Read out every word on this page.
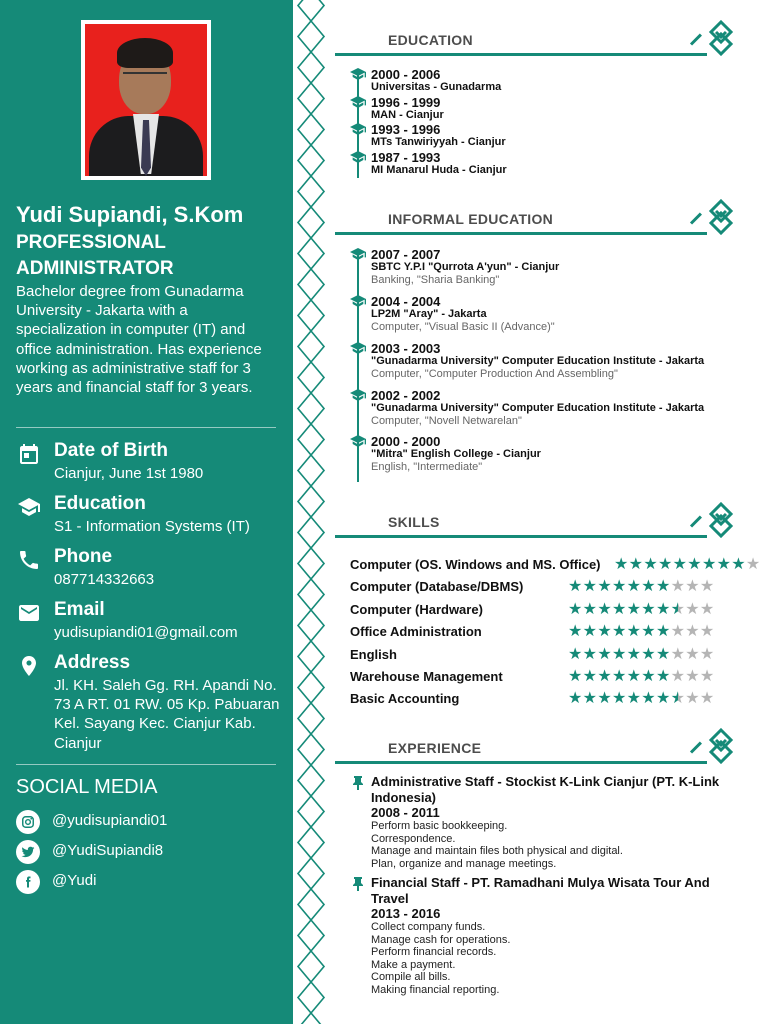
Yudi Supiandi, S.Kom
PROFESSIONAL
ADMINISTRATOR
Bachelor degree from Gunadarma University - Jakarta with a specialization in computer (IT) and office administration. Has experience working as administrative staff for 3 years and financial staff for 3 years.
Date of Birth
Cianjur, June 1st 1980
Education
S1 - Information Systems (IT)
Phone
087714332663
Email
yudisupiandi01@gmail.com
Address
Jl. KH. Saleh Gg. RH. Apandi No. 73 A RT. 01 RW. 05 Kp. Pabuaran Kel. Sayang Kec. Cianjur Kab. Cianjur
SOCIAL MEDIA
@yudisupiandi01
@YudiSupiandi8
@Yudi
EDUCATION
2000 - 2006
Universitas - Gunadarma
1996 - 1999
MAN - Cianjur
1993 - 1996
MTs Tanwiriyyah - Cianjur
1987 - 1993
MI Manarul Huda - Cianjur
INFORMAL EDUCATION
2007 - 2007
SBTC Y.P.I "Qurrota A'yun" - Cianjur
Banking, "Sharia Banking"
2004 - 2004
LP2M "Aray" - Jakarta
Computer, "Visual Basic II (Advance)"
2003 - 2003
"Gunadarma University" Computer Education Institute - Jakarta
Computer, "Computer Production And Assembling"
2002 - 2002
"Gunadarma University" Computer Education Institute - Jakarta
Computer, "Novell Netwarelan"
2000 - 2000
"Mitra" English College - Cianjur
English, "Intermediate"
SKILLS
Computer (OS. Windows and MS. Office) ★★★★★★★★★★
Computer (Database/DBMS)	★★★★★★★★★★
Computer (Hardware)	★★★★★★★★★★
Office Administration	★★★★★★★★★★
English	★★★★★★★★★★
Warehouse Management	★★★★★★★★★★
Basic Accounting	★★★★★★★★★★
EXPERIENCE
Administrative Staff - Stockist K-Link Cianjur (PT. K-Link Indonesia)
2008 - 2011
Perform basic bookkeeping.
Correspondence.
Manage and maintain files both physical and digital.
Plan, organize and manage meetings.
Financial Staff - PT. Ramadhani Mulya Wisata Tour And Travel
2013 - 2016
Collect company funds.
Manage cash for operations.
Perform financial records.
Make a payment.
Compile all bills.
Making financial reporting.
